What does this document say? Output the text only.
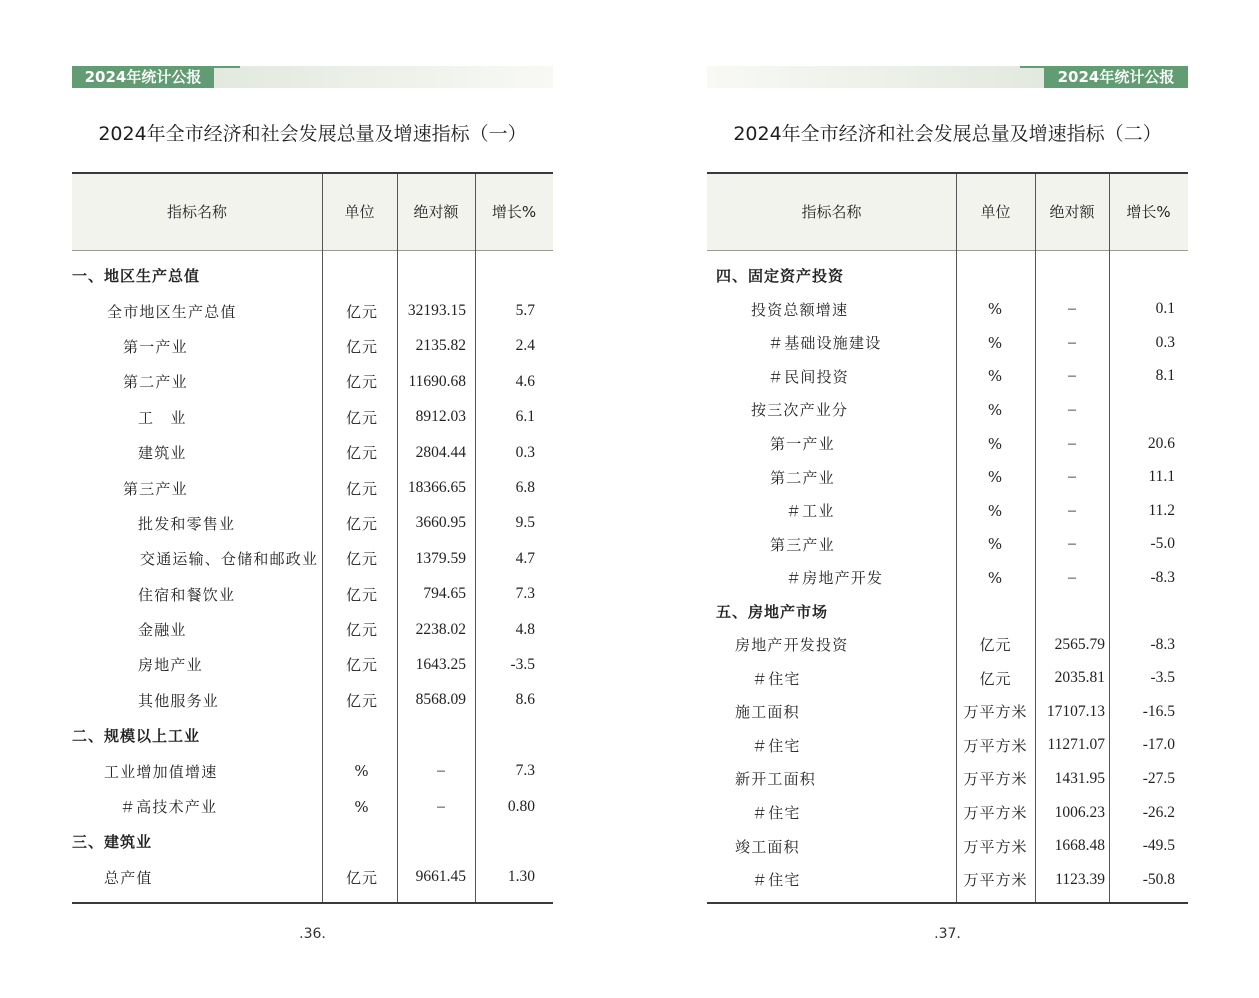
2024年统计公报
2024年全市经济和社会发展总量及增速指标（一）
指标名称	单位	绝对额	增长%
一、地区生产总值
全市地区生产总值	亿元	32193.15	5.7
第一产业	亿元	2135.82	2.4
第二产业	亿元	11690.68	4.6
工　业	亿元	8912.03	6.1
建筑业	亿元	2804.44	0.3
第三产业	亿元	18366.65	6.8
批发和零售业	亿元	3660.95	9.5
交通运输、仓储和邮政业	亿元	1379.59	4.7
住宿和餐饮业	亿元	794.65	7.3
金融业	亿元	2238.02	4.8
房地产业	亿元	1643.25	-3.5
其他服务业	亿元	8568.09	8.6
二、规模以上工业
工业增加值增速	%	–	7.3
＃高技术产业	%	–	0.80
三、建筑业
总产值	亿元	9661.45	1.30
.36.
2024年统计公报
2024年全市经济和社会发展总量及增速指标（二）
指标名称	单位	绝对额	增长%
四、固定资产投资
投资总额增速	%	–	0.1
＃基础设施建设	%	–	0.3
＃民间投资	%	–	8.1
按三次产业分	%	–
第一产业	%	–	20.6
第二产业	%	–	11.1
＃工业	%	–	11.2
第三产业	%	–	-5.0
＃房地产开发	%	–	-8.3
五、房地产市场
房地产开发投资	亿元	2565.79	-8.3
＃住宅	亿元	2035.81	-3.5
施工面积	万平方米	17107.13	-16.5
＃住宅	万平方米	11271.07	-17.0
新开工面积	万平方米	1431.95	-27.5
＃住宅	万平方米	1006.23	-26.2
竣工面积	万平方米	1668.48	-49.5
＃住宅	万平方米	1123.39	-50.8
.37.
